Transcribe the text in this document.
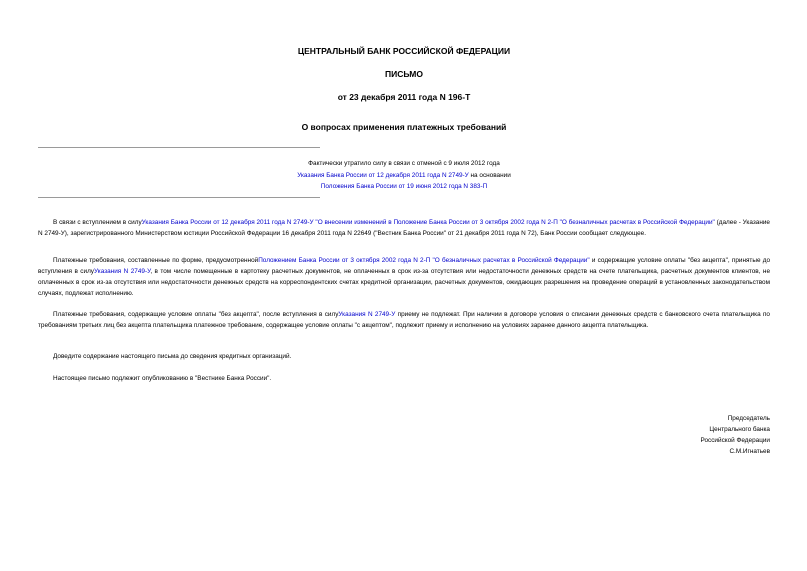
ЦЕНТРАЛЬНЫЙ БАНК РОССИЙСКОЙ ФЕДЕРАЦИИ
ПИСЬМО
от 23 декабря 2011 года N 196-Т
О вопросах применения платежных требований
Фактически утратило силу в связи с отменой с 9 июля 2012 года
Указания Банка России от 12 декабря 2011 года N 2749-У на основании
Положения Банка России от 19 июня 2012 года N 383-П
В связи с вступлением в силуУказания Банка России от 12 декабря 2011 года N 2749-У "О внесении изменений в Положение Банка России от 3 октября 2002 года N 2-П "О безналичных расчетах в Российской Федерации" (далее - Указание N 2749-У), зарегистрированного Министерством юстиции Российской Федерации 16 декабря 2011 года N 22649 ("Вестник Банка России" от 21 декабря 2011 года N 72), Банк России сообщает следующее.
Платежные требования, составленные по форме, предусмотреннойПоложением Банка России от 3 октября 2002 года N 2-П "О безналичных расчетах в Российской Федерации" и содержащие условие оплаты "без акцепта", принятые до вступления в силуУказания N 2749-У, в том числе помещенные в картотеку расчетных документов, не оплаченных в срок из-за отсутствия или недостаточности денежных средств на счете плательщика, расчетных документов клиентов, не оплаченных в срок из-за отсутствия или недостаточности денежных средств на корреспондентских счетах кредитной организации, расчетных документов, ожидающих разрешения на проведение операций в установленных законодательством случаях, подлежат исполнению.
Платежные требования, содержащие условие оплаты "без акцепта", после вступления в силуУказания N 2749-У приему не подлежат. При наличии в договоре условия о списании денежных средств с банковского счета плательщика по требованиям третьих лиц без акцепта плательщика платежное требование, содержащее условие оплаты "с акцептом", подлежит приему и исполнению на условиях заранее данного акцепта плательщика.
Доведите содержание настоящего письма до сведения кредитных организаций.
Настоящее письмо подлежит опубликованию в "Вестнике Банка России".
Председатель
Центрального банка
Российской Федерации
С.М.Игнатьев
